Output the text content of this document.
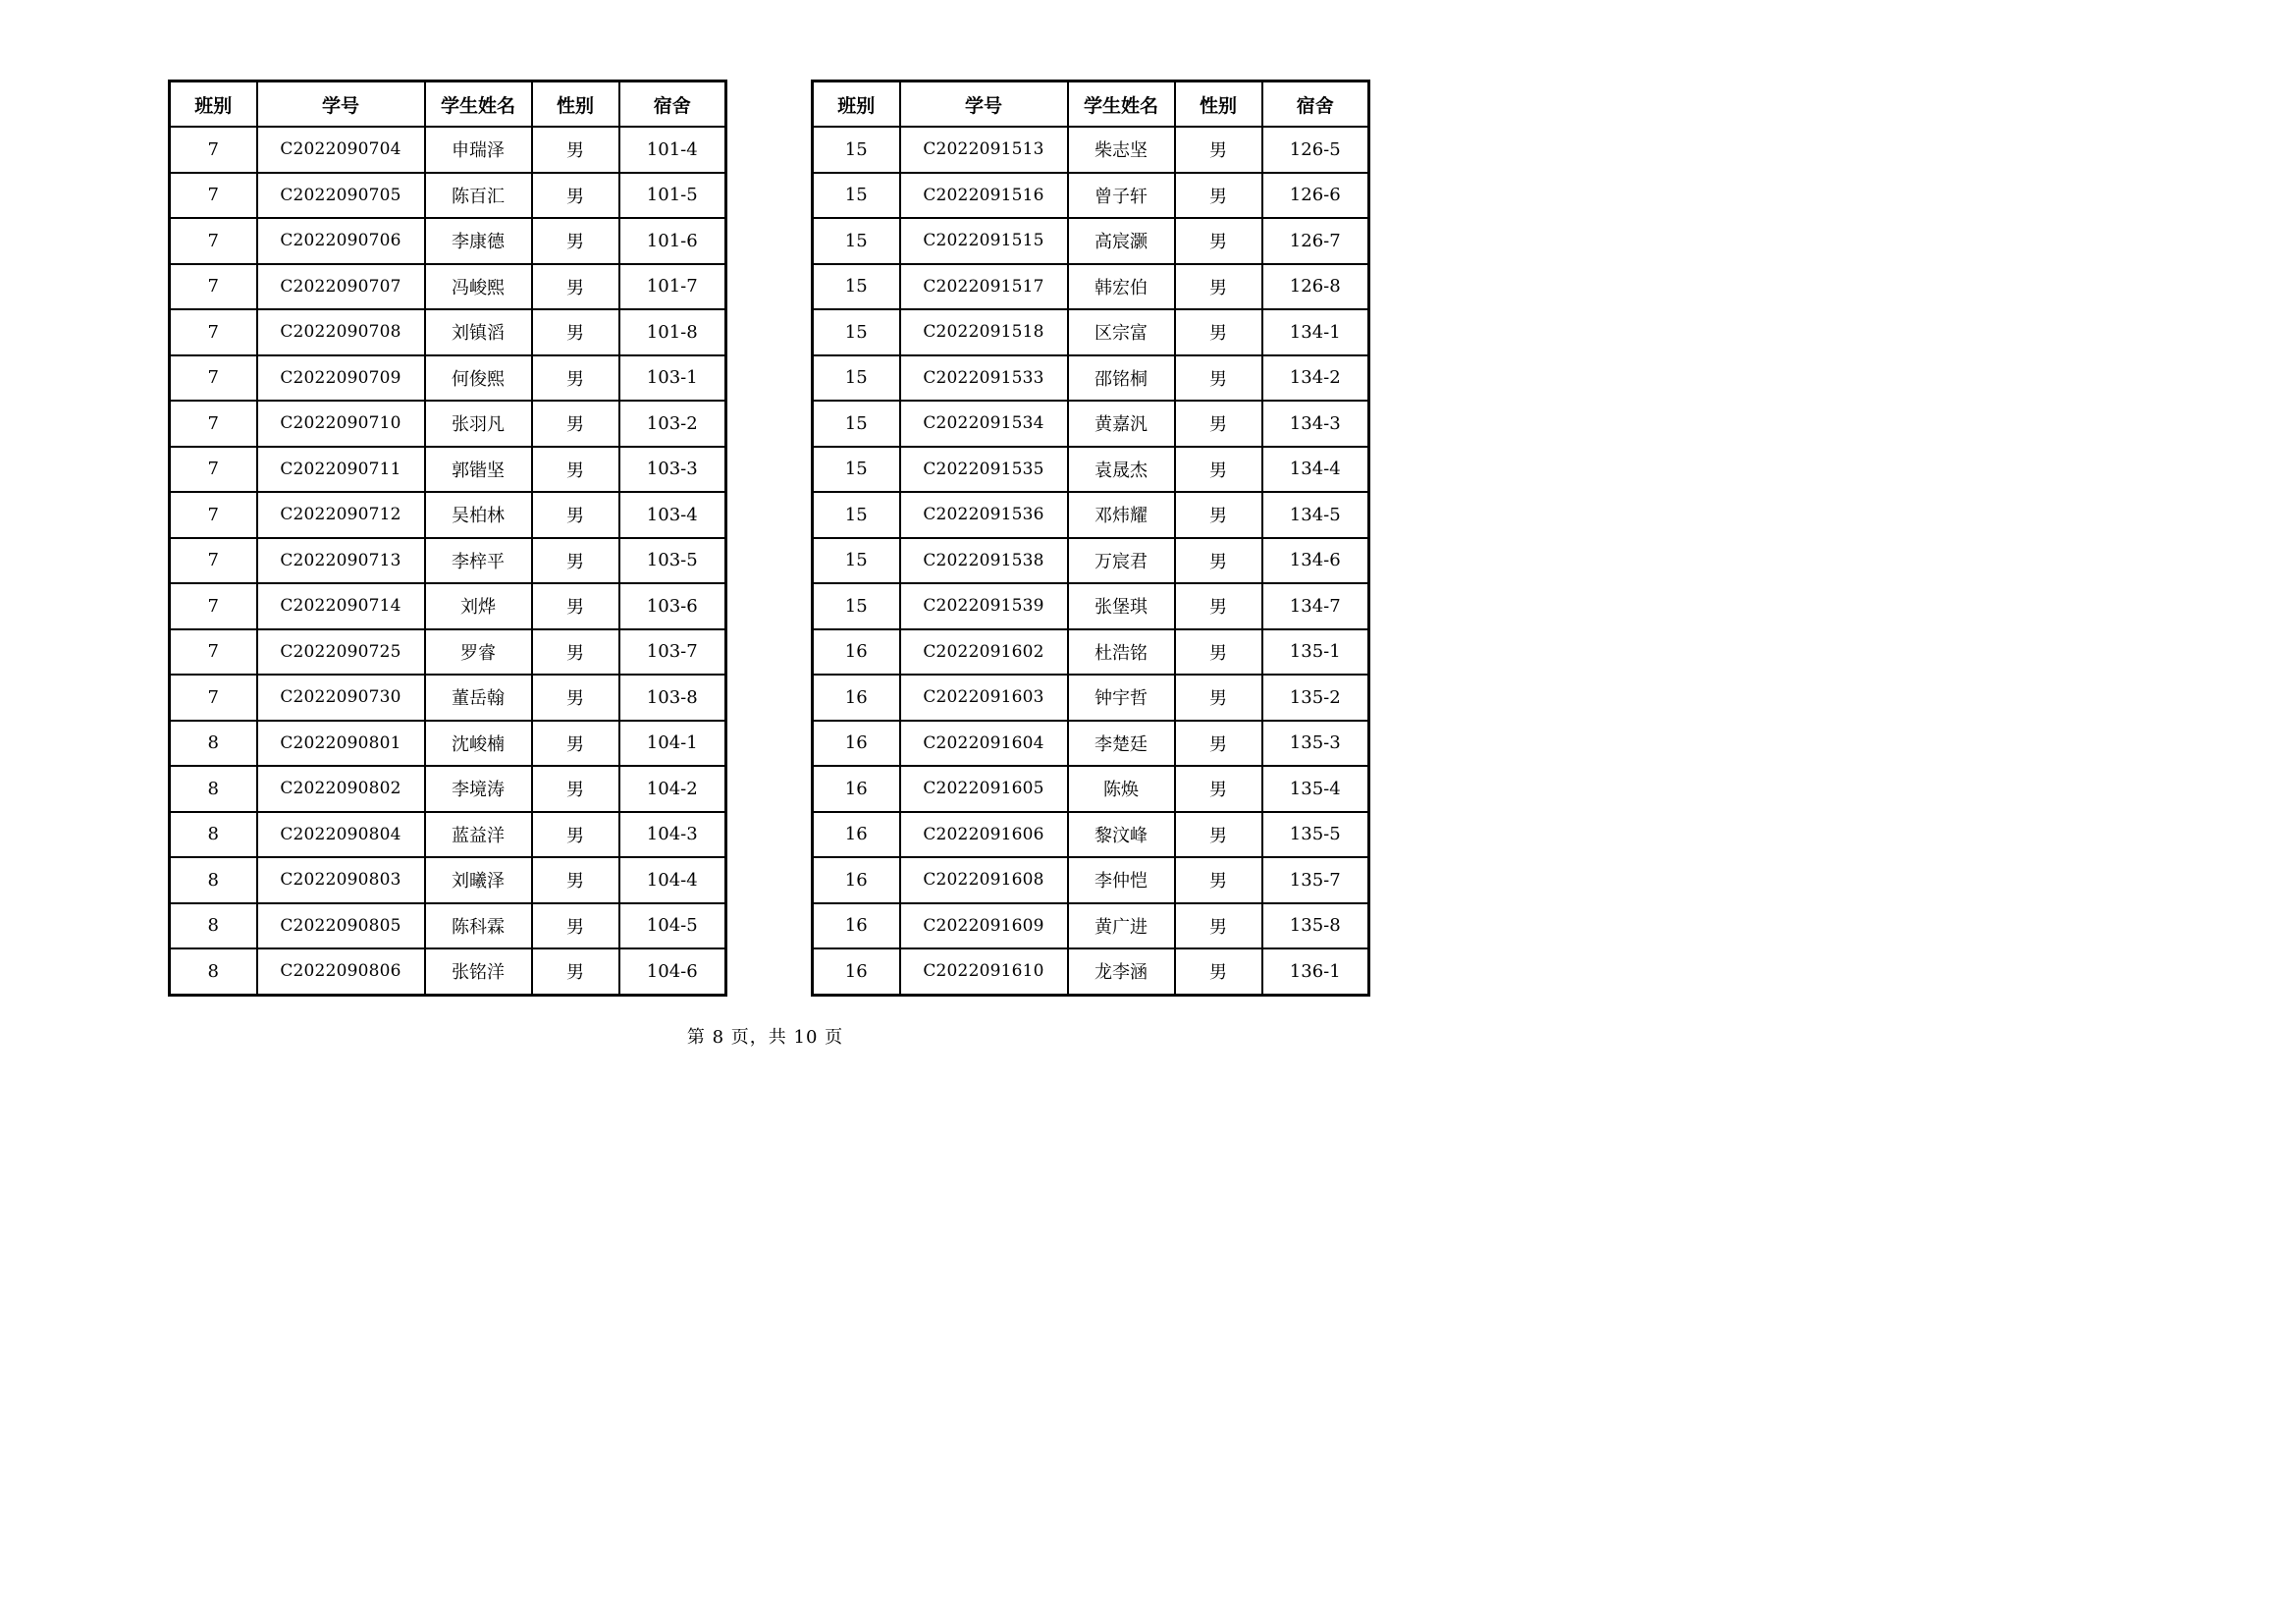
班别	学号	学生姓名	性别	宿舍
7	C2022090704	申瑞泽	男	101-4
7	C2022090705	陈百汇	男	101-5
7	C2022090706	李康德	男	101-6
7	C2022090707	冯峻熙	男	101-7
7	C2022090708	刘镇滔	男	101-8
7	C2022090709	何俊熙	男	103-1
7	C2022090710	张羽凡	男	103-2
7	C2022090711	郭锴坚	男	103-3
7	C2022090712	吴柏林	男	103-4
7	C2022090713	李梓平	男	103-5
7	C2022090714	刘烨	男	103-6
7	C2022090725	罗睿	男	103-7
7	C2022090730	董岳翰	男	103-8
8	C2022090801	沈峻楠	男	104-1
8	C2022090802	李境涛	男	104-2
8	C2022090804	蓝益洋	男	104-3
8	C2022090803	刘曦泽	男	104-4
8	C2022090805	陈科霖	男	104-5
8	C2022090806	张铭洋	男	104-6
班别	学号	学生姓名	性别	宿舍
15	C2022091513	柴志坚	男	126-5
15	C2022091516	曾子轩	男	126-6
15	C2022091515	高宸灏	男	126-7
15	C2022091517	韩宏伯	男	126-8
15	C2022091518	区宗富	男	134-1
15	C2022091533	邵铭桐	男	134-2
15	C2022091534	黄嘉汎	男	134-3
15	C2022091535	袁晟杰	男	134-4
15	C2022091536	邓炜耀	男	134-5
15	C2022091538	万宸君	男	134-6
15	C2022091539	张堡琪	男	134-7
16	C2022091602	杜浩铭	男	135-1
16	C2022091603	钟宇哲	男	135-2
16	C2022091604	李楚廷	男	135-3
16	C2022091605	陈焕	男	135-4
16	C2022091606	黎汶峰	男	135-5
16	C2022091608	李仲恺	男	135-7
16	C2022091609	黄广进	男	135-8
16	C2022091610	龙李涵	男	136-1
第 8 页，共 10 页
